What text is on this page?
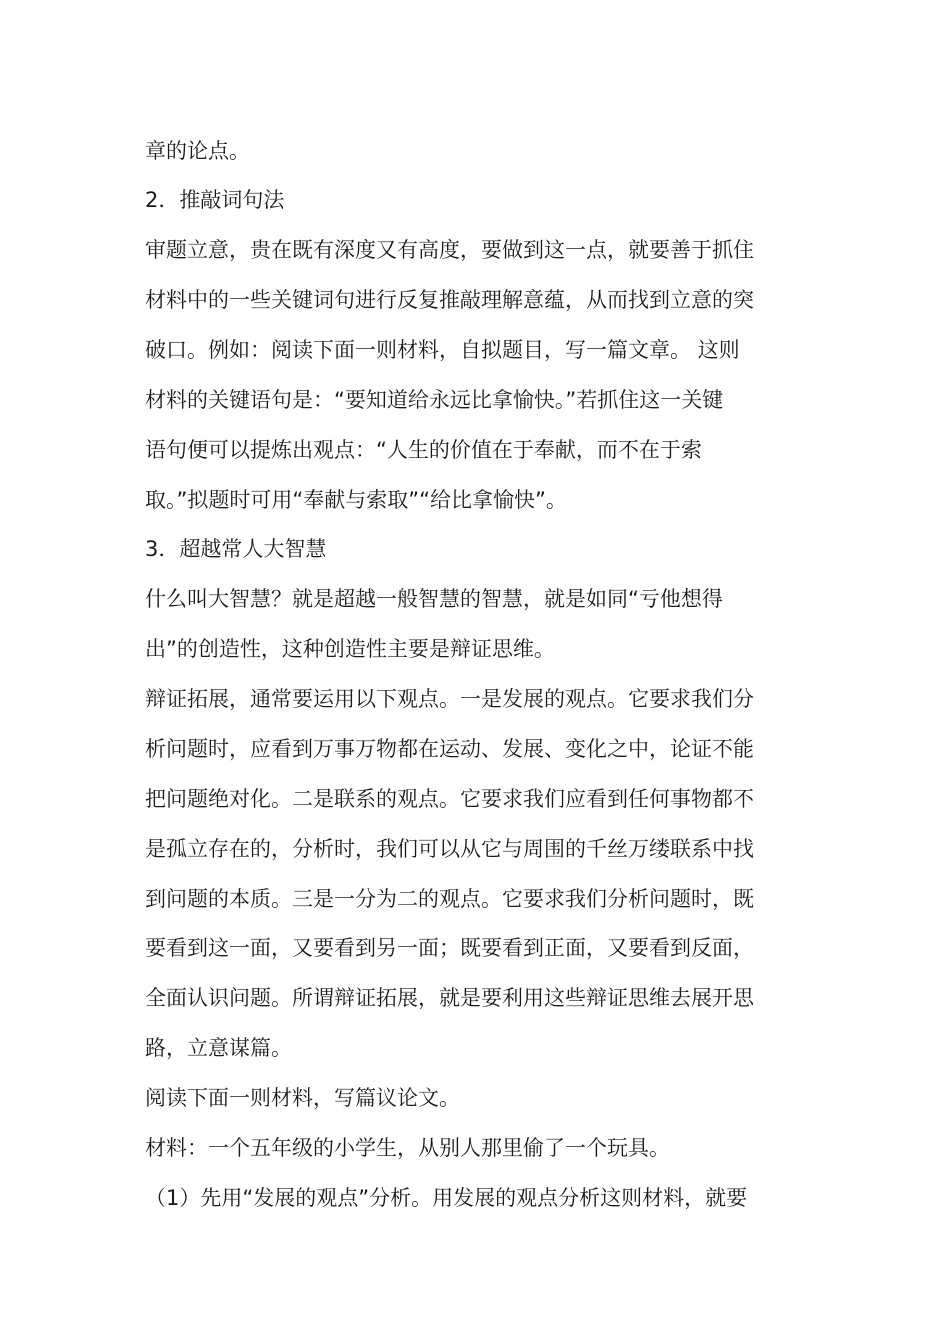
章的论点。
2．推敲词句法
审题立意，贵在既有深度又有高度，要做到这一点，就要善于抓住
材料中的一些关键词句进行反复推敲理解意蕴，从而找到立意的突
破口。例如：阅读下面一则材料，自拟题目，写一篇文章。 这则
材料的关键语句是：“要知道给永远比拿愉快。”若抓住这一关键
语句便可以提炼出观点：“人生的价值在于奉献，而不在于索
取。”拟题时可用“奉献与索取”“给比拿愉快”。
3．超越常人大智慧
什么叫大智慧？就是超越一般智慧的智慧，就是如同“亏他想得
出”的创造性，这种创造性主要是辩证思维。
辩证拓展，通常要运用以下观点。一是发展的观点。它要求我们分
析问题时，应看到万事万物都在运动、发展、变化之中，论证不能
把问题绝对化。二是联系的观点。它要求我们应看到任何事物都不
是孤立存在的，分析时，我们可以从它与周围的千丝万缕联系中找
到问题的本质。三是一分为二的观点。它要求我们分析问题时，既
要看到这一面，又要看到另一面；既要看到正面，又要看到反面，
全面认识问题。所谓辩证拓展，就是要利用这些辩证思维去展开思
路，立意谋篇。
阅读下面一则材料，写篇议论文。
材料：一个五年级的小学生，从别人那里偷了一个玩具。
（1）先用“发展的观点”分析。用发展的观点分析这则材料，就要
